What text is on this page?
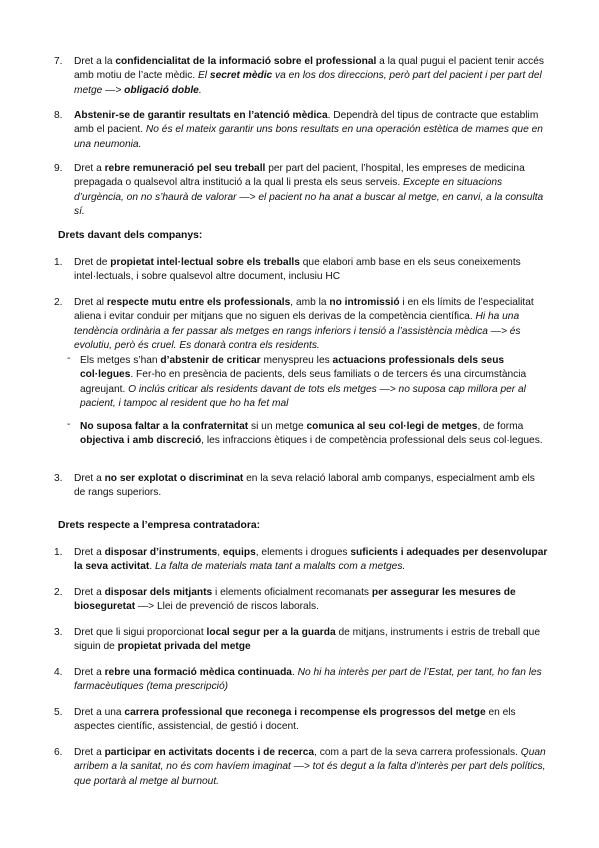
7.	Dret a la confidencialitat de la informació sobre el professional a la qual pugui el pacient tenir accés amb motiu de l’acte mèdic. El secret mèdic va en los dos direccions, però part del pacient i per part del metge —> obligació doble.
8.	Abstenir-se de garantir resultats en l’atenció mèdica. Dependrà del tipus de contracte que establim amb el pacient. No és el mateix garantir uns bons resultats en una operación estètica de mames que en una neumonia.
9.	Dret a rebre remuneració pel seu treball per part del pacient, l’hospital, les empreses de medicina prepagada o qualsevol altra institució a la qual li presta els seus serveis. Excepte en situacions d’urgència, on no s’haurà de valorar —> el pacient no ha anat a buscar al metge, en canvi, a la consulta sí.
Drets davant dels companys:
1.	Dret de propietat intel·lectual sobre els treballs que elabori amb base en els seus coneixements intel·lectuals, i sobre qualsevol altre document, inclusiu HC
2.	Dret al respecte mutu entre els professionals, amb la no intromissió i en els límits de l’especialitat aliena i evitar conduir per mitjans que no siguen els derivas de la competència científica. Hi ha una tendència ordinària a fer passar als metges en rangs inferiors i tensió a l’assistència mèdica —> és evolutiu, però és cruel. Es donarà contra els residents.
- Els metges s’han d’abstenir de criticar menyspreu les actuacions professionals dels seus col·legues. Fer-ho en presència de pacients, dels seus familiats o de tercers és una circumstància agreujant. O inclús criticar als residents davant de tots els metges —> no suposa cap millora per al pacient, i tampoc al resident que ho ha fet mal
- No suposa faltar a la confraternitat si un metge comunica al seu col·legi de metges, de forma objectiva i amb discreció, les infraccions ètiques i de competència professional dels seus col·legues.
3.	Dret a no ser explotat o discriminat en la seva relació laboral amb companys, especialment amb els de rangs superiors.
Drets respecte a l’empresa contratadora:
1.	Dret a disposar d’instruments, equips, elements i drogues suficients i adequades per desenvolupar la seva activitat. La falta de materials mata tant a malalts com a metges.
2.	Dret a disposar dels mitjants i elements oficialment recomanats per assegurar les mesures de bioseguretat —> Llei de prevenció de riscos laborals.
3.	Dret que li sigui proporcionat local segur per a la guarda de mitjans, instruments i estris de treball que siguin de propietat privada del metge
4.	Dret a rebre una formació mèdica continuada. No hi ha interès per part de l’Estat, per tant, ho fan les farmacèutiques (tema prescripció)
5.	Dret a una carrera professional que reconega i recompense els progressos del metge en els aspectes científic, assistencial, de gestió i docent.
6.	Dret a participar en activitats docents i de recerca, com a part de la seva carrera professionals. Quan arribem a la sanitat, no és com havíem imaginat —> tot és degut a la falta d’interès per part dels polítics, que portarà al metge al burnout.
